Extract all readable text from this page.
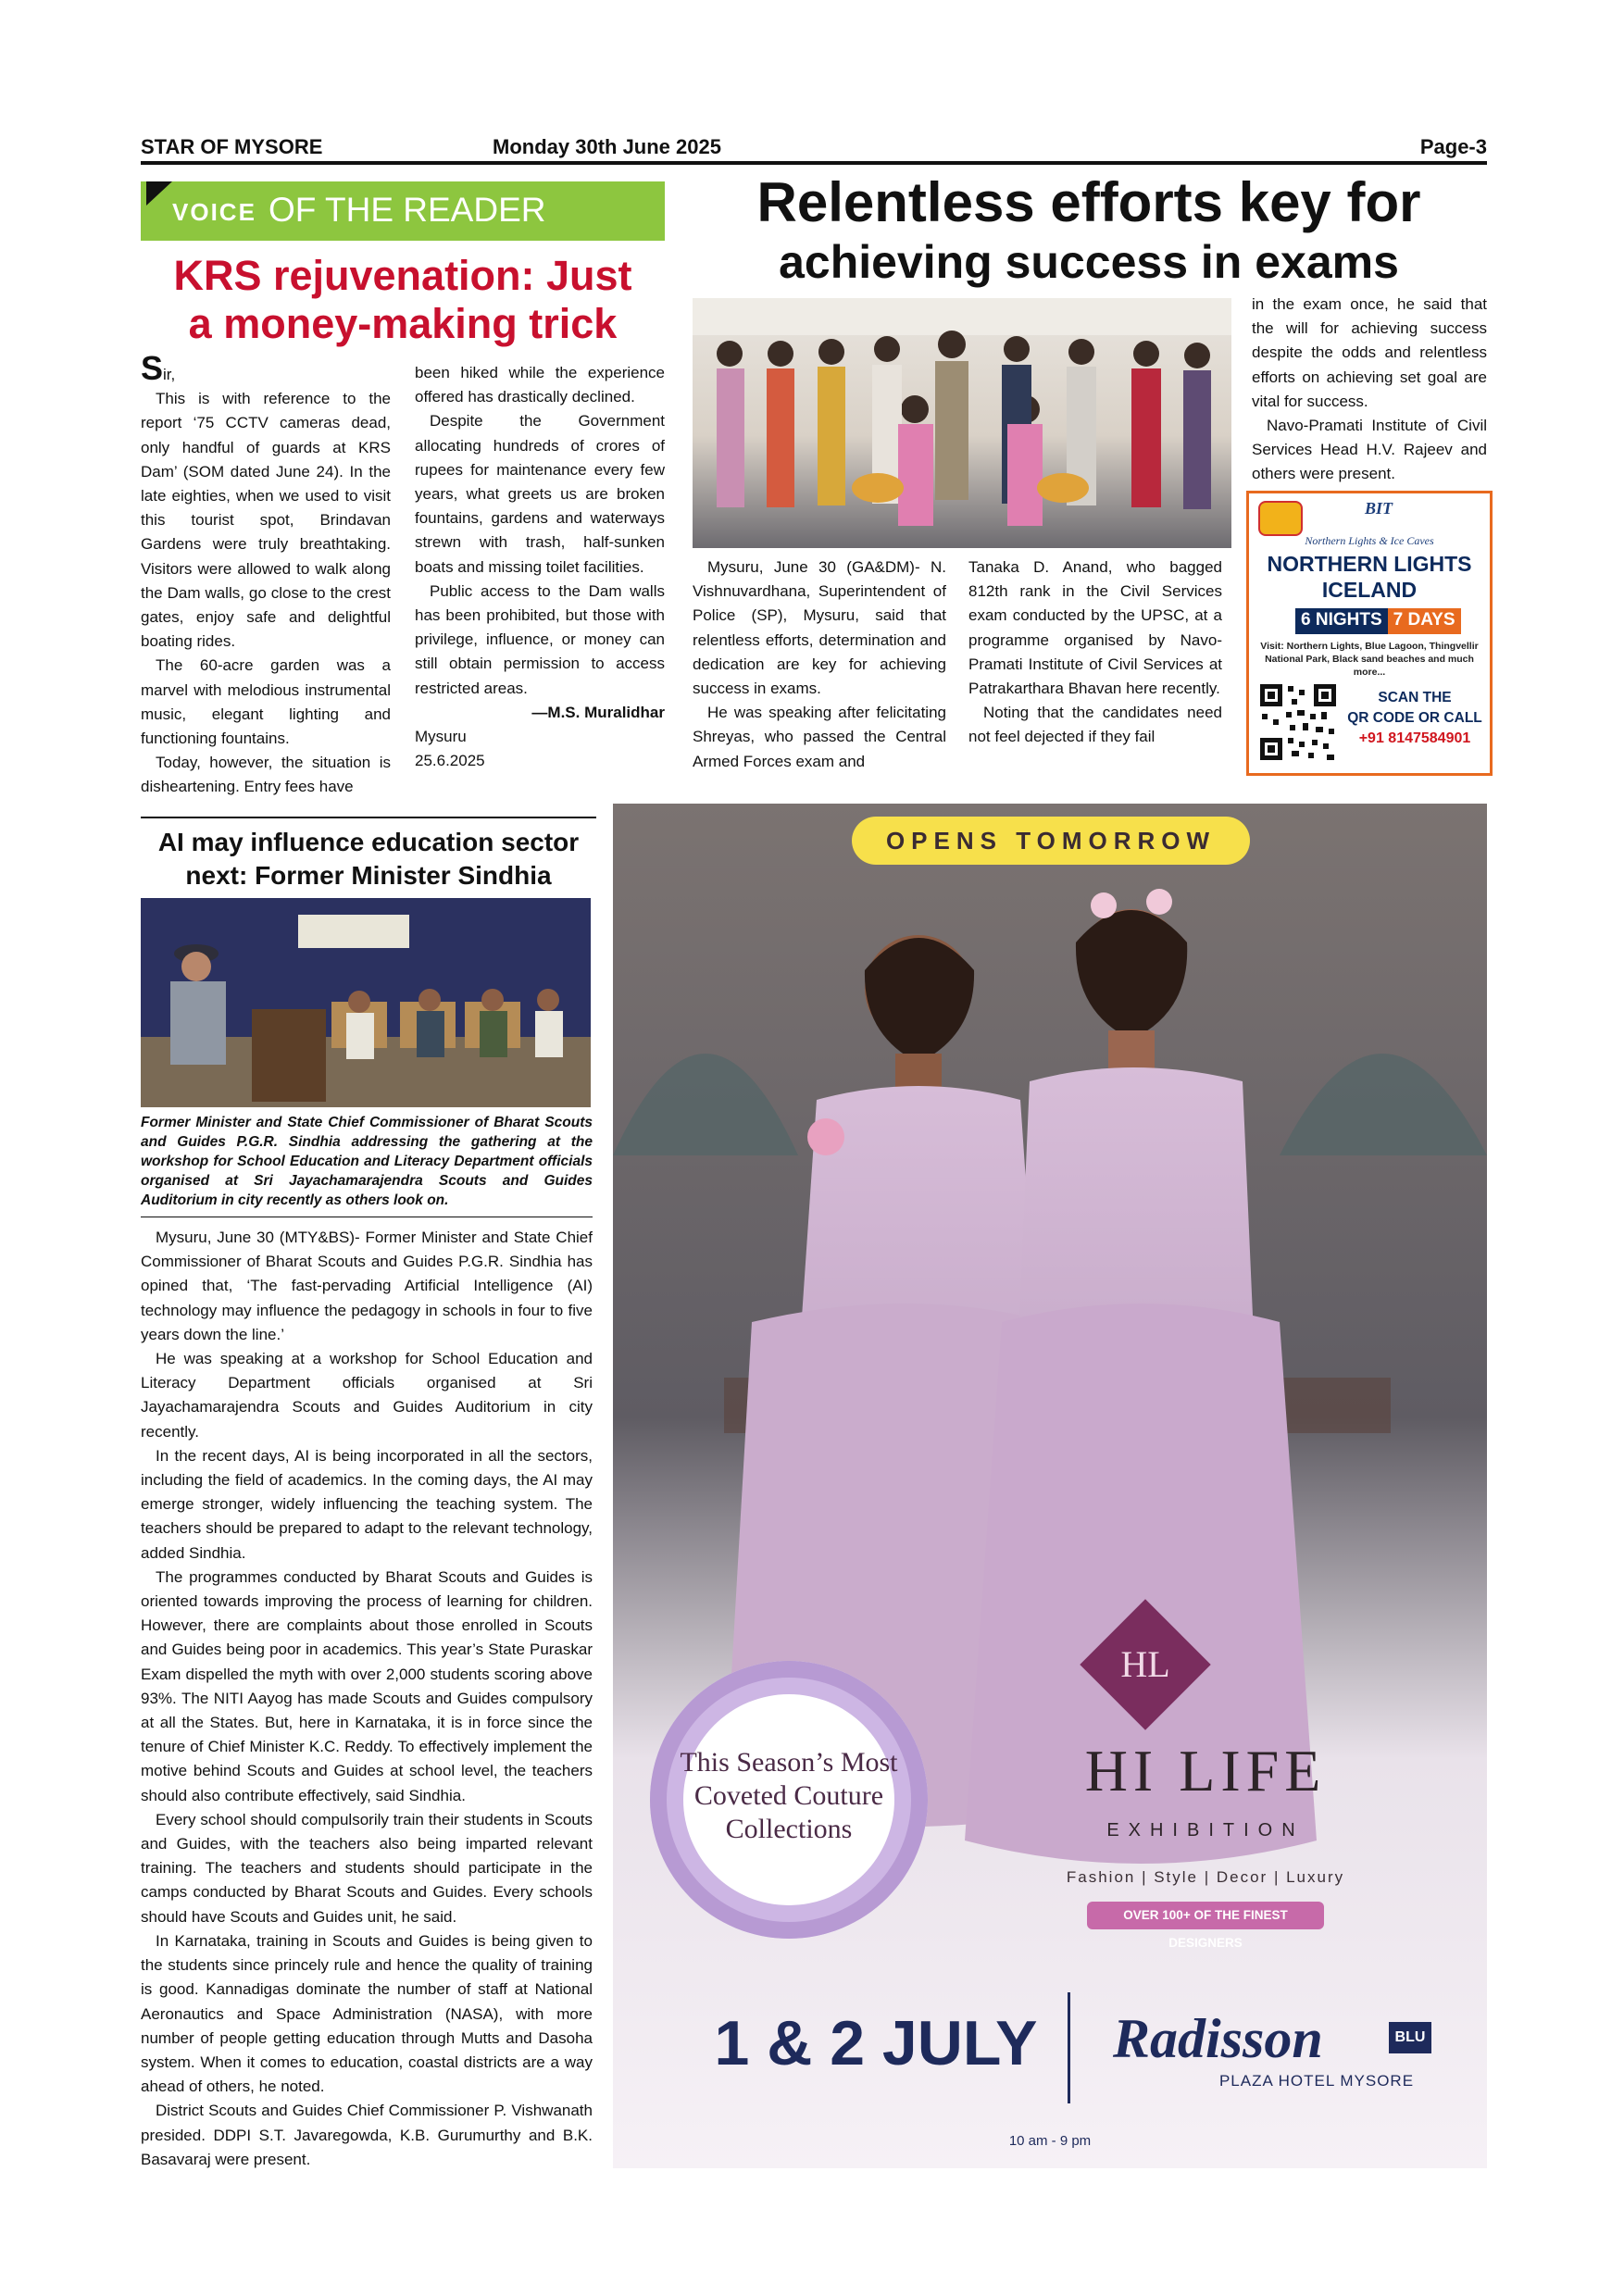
STAR OF MYSORE	Monday 30th June 2025	Page-3
VOICE OF THE READER
KRS rejuvenation: Just
a money-making trick

Sir,

This is with reference to the report ‘75 CCTV cameras dead, only handful of guards at KRS Dam’ (SOM dated June 24). In the late eighties, when we used to visit this tourist spot, Brindavan Gardens were truly breathtaking. Visitors were allowed to walk along the Dam walls, go close to the crest gates, enjoy safe and delightful boating rides.

The 60-acre garden was a marvel with melodious instrumental music, elegant lighting and functioning fountains.

Today, however, the situation is disheartening. Entry fees have

been hiked while the experience offered has drastically declined.

Despite the Government allocating hundreds of crores of rupees for maintenance every few years, what greets us are broken fountains, gardens and waterways strewn with trash, half-sunken boats and missing toilet facilities.

Public access to the Dam walls has been prohibited, but those with privilege, influence, or money can still obtain permission to access restricted areas.

—M.S. Muralidhar

Mysuru

25.6.2025

Relentless efforts key for
achieving success in exams

in the exam once, he said that the will for achieving success despite the odds and relentless efforts on achieving set goal are vital for success.

Navo-Pramati Institute of Civil Services Head H.V. Rajeev and others were present.

Mysuru, June 30 (GA&DM)- N. Vishnuvardhana, Superintendent of Police (SP), Mysuru, said that relentless efforts, determination and dedication are key for achieving success in exams.

He was speaking after felicitating Shreyas, who passed the Central Armed Forces exam and

Tanaka D. Anand, who bagged 812th rank in the Civil Services exam conducted by the UPSC, at a programme organised by Navo-Pramati Institute of Civil Services at Patrakarthara Bhavan here recently.

Noting that the candidates need not feel dejected if they fail

BIT
Northern Lights & Ice Caves
NORTHERN LIGHTS
ICELAND
6 NIGHTS 7 DAYS
Visit: Northern Lights, Blue Lagoon, Thingvellir National Park, Black sand beaches and much more...
SCAN THE
QR CODE OR CALL
+91 8147584901
AI may influence education sector
next: Former Minister Sindhia
Former Minister and State Chief Commissioner of Bharat Scouts and Guides P.G.R. Sindhia addressing the gathering at the workshop for School Education and Literacy Department officials organised at Sri Jayachamarajendra Scouts and Guides Auditorium in city recently as others look on.

Mysuru, June 30 (MTY&BS)- Former Minister and State Chief Commissioner of Bharat Scouts and Guides P.G.R. Sindhia has opined that, ‘The fast-pervading Artificial Intelligence (AI) technology may influence the pedagogy in schools in four to five years down the line.’

He was speaking at a workshop for School Education and Literacy Department officials organised at Sri Jayachamarajendra Scouts and Guides Auditorium in city recently.

In the recent days, AI is being incorporated in all the sectors, including the field of academics. In the coming days, the AI may emerge stronger, widely influencing the teaching system. The teachers should be prepared to adapt to the relevant technology, added Sindhia.

The programmes conducted by Bharat Scouts and Guides is oriented towards improving the process of learning for children. However, there are complaints about those enrolled in Scouts and Guides being poor in academics. This year’s State Puraskar Exam dispelled the myth with over 2,000 students scoring above 93%. The NITI Aayog has made Scouts and Guides compulsory at all the States. But, here in Karnataka, it is in force since the tenure of Chief Minister K.C. Reddy. To effectively implement the motive behind Scouts and Guides at school level, the teachers should also contribute effectively, said Sindhia.

Every school should compulsorily train their students in Scouts and Guides, with the teachers also being imparted relevant training. The teachers and students should participate in the camps conducted by Bharat Scouts and Guides. Every schools should have Scouts and Guides unit, he said.

In Karnataka, training in Scouts and Guides is being given to the students since princely rule and hence the quality of training is good. Kannadigas dominate the number of staff at National Aeronautics and Space Administration (NASA), with more number of people getting education through Mutts and Dasoha system. When it comes to education, coastal districts are a way ahead of others, he noted.

District Scouts and Guides Chief Commissioner P. Vishwanath presided. DDPI S.T. Javaregowda, K.B. Gurumurthy and B.K. Basavaraj were present.

OPENS TOMORROW
This Season’s Most
Coveted Couture
Collections
HL
HI LIFE
EXHIBITION
Fashion | Style | Decor | Luxury
OVER 100+ OF THE FINEST DESIGNERS
1 & 2 JULY	Radisson	BLU
PLAZA HOTEL MYSORE
10 am - 9 pm
